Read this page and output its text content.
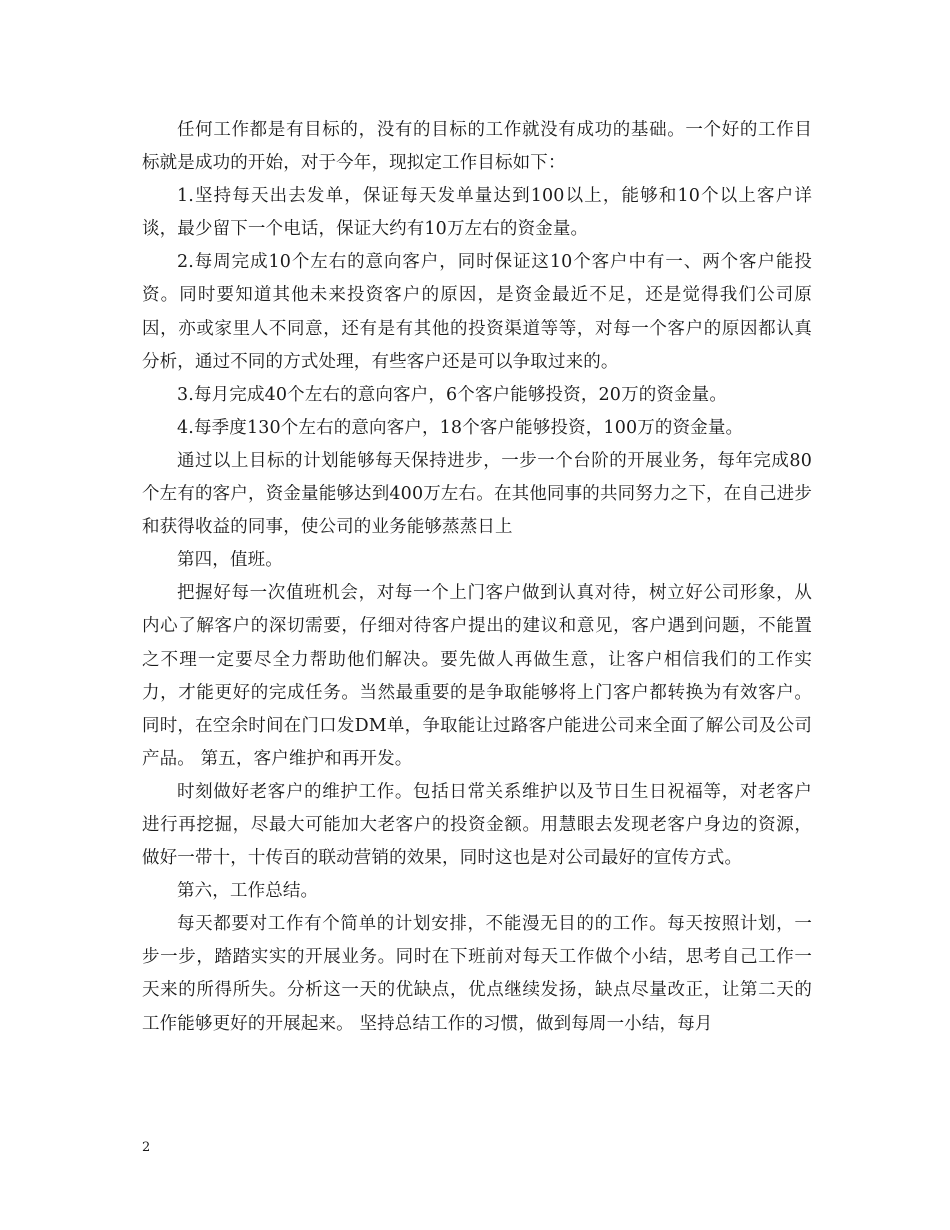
任何工作都是有目标的，没有的目标的工作就没有成功的基础。一个好的工作目标就是成功的开始，对于今年，现拟定工作目标如下：

1.坚持每天出去发单，保证每天发单量达到100以上，能够和10个以上客户详谈，最少留下一个电话，保证大约有10万左右的资金量。

2.每周完成10个左右的意向客户，同时保证这10个客户中有一、两个客户能投资。同时要知道其他未来投资客户的原因，是资金最近不足，还是觉得我们公司原因，亦或家里人不同意，还有是有其他的投资渠道等等，对每一个客户的原因都认真分析，通过不同的方式处理，有些客户还是可以争取过来的。

3.每月完成40个左右的意向客户，6个客户能够投资，20万的资金量。

4.每季度130个左右的意向客户，18个客户能够投资，100万的资金量。

通过以上目标的计划能够每天保持进步，一步一个台阶的开展业务，每年完成80个左有的客户，资金量能够达到400万左右。在其他同事的共同努力之下，在自己进步和获得收益的同事，使公司的业务能够蒸蒸日上

第四，值班。

把握好每一次值班机会，对每一个上门客户做到认真对待，树立好公司形象，从内心了解客户的深切需要，仔细对待客户提出的建议和意见，客户遇到问题，不能置之不理一定要尽全力帮助他们解决。要先做人再做生意，让客户相信我们的工作实力，才能更好的完成任务。当然最重要的是争取能够将上门客户都转换为有效客户。同时，在空余时间在门口发DM单，争取能让过路客户能进公司来全面了解公司及公司产品。 第五，客户维护和再开发。

时刻做好老客户的维护工作。包括日常关系维护以及节日生日祝福等，对老客户进行再挖掘，尽最大可能加大老客户的投资金额。用慧眼去发现老客户身边的资源，做好一带十，十传百的联动营销的效果，同时这也是对公司最好的宣传方式。

第六，工作总结。

每天都要对工作有个简单的计划安排，不能漫无目的的工作。每天按照计划，一步一步，踏踏实实的开展业务。同时在下班前对每天工作做个小结，思考自己工作一天来的所得所失。分析这一天的优缺点，优点继续发扬，缺点尽量改正，让第二天的工作能够更好的开展起来。 坚持总结工作的习惯，做到每周一小结，每月

2
